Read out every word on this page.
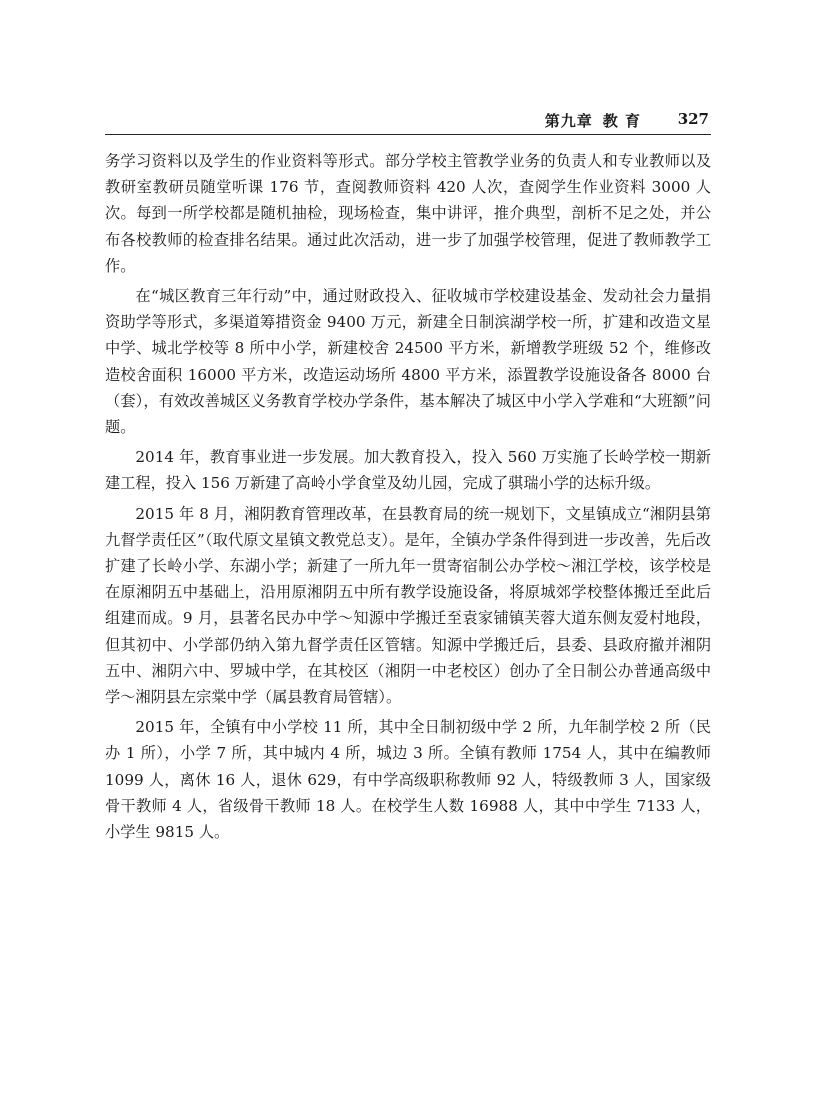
第九章 教 育 327

务学习资料以及学生的作业资料等形式。部分学校主管教学业务的负责人和专业教师以及教研室教研员随堂听课 176 节，查阅教师资料 420 人次，查阅学生作业资料 3000 人次。每到一所学校都是随机抽检，现场检查，集中讲评，推介典型，剖析不足之处，并公布各校教师的检查排名结果。通过此次活动，进一步了加强学校管理，促进了教师教学工作。

在“城区教育三年行动”中，通过财政投入、征收城市学校建设基金、发动社会力量捐资助学等形式，多渠道筹措资金 9400 万元，新建全日制滨湖学校一所，扩建和改造文星中学、城北学校等 8 所中小学，新建校舍 24500 平方米，新增教学班级 52 个，维修改造校舍面积 16000 平方米，改造运动场所 4800 平方米，添置教学设施设备各 8000 台（套），有效改善城区义务教育学校办学条件，基本解决了城区中小学入学难和“大班额”问题。

2014 年，教育事业进一步发展。加大教育投入，投入 560 万实施了长岭学校一期新建工程，投入 156 万新建了高岭小学食堂及幼儿园，完成了骐瑞小学的达标升级。

2015 年 8 月，湘阴教育管理改革，在县教育局的统一规划下，文星镇成立“湘阴县第九督学责任区”（取代原文星镇文教党总支）。是年，全镇办学条件得到进一步改善，先后改扩建了长岭小学、东湖小学；新建了一所九年一贯寄宿制公办学校～湘江学校，该学校是在原湘阴五中基础上，沿用原湘阴五中所有教学设施设备，将原城郊学校整体搬迁至此后组建而成。9 月，县著名民办中学～知源中学搬迁至袁家铺镇芙蓉大道东侧友爱村地段，但其初中、小学部仍纳入第九督学责任区管辖。知源中学搬迁后，县委、县政府撤并湘阴五中、湘阴六中、罗城中学，在其校区（湘阴一中老校区）创办了全日制公办普通高级中学～湘阴县左宗棠中学（属县教育局管辖）。

2015 年，全镇有中小学校 11 所，其中全日制初级中学 2 所，九年制学校 2 所（民办 1 所），小学 7 所，其中城内 4 所，城边 3 所。全镇有教师 1754 人，其中在编教师 1099 人，离休 16 人，退休 629，有中学高级职称教师 92 人，特级教师 3 人，国家级骨干教师 4 人，省级骨干教师 18 人。在校学生人数 16988 人，其中中学生 7133 人，小学生 9815 人。
